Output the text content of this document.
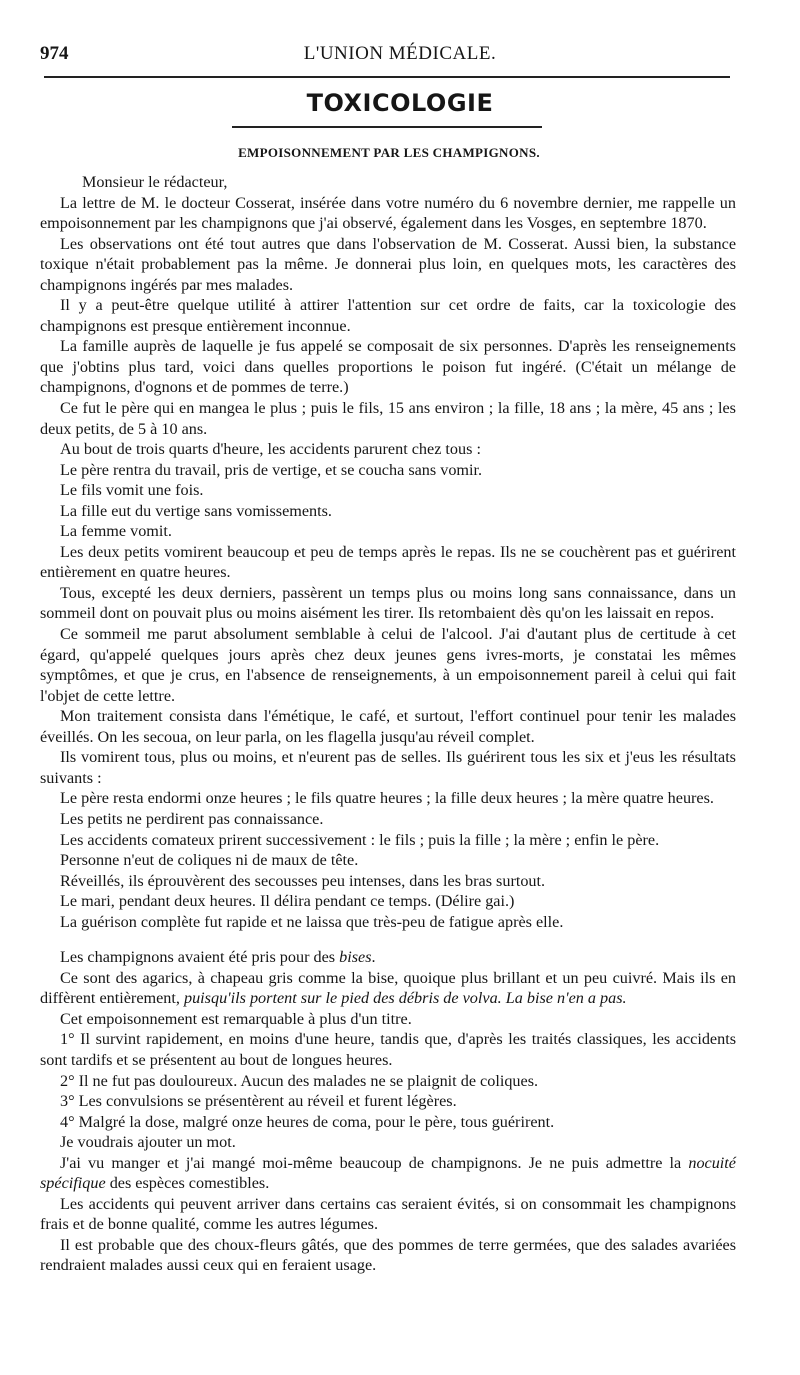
974	L'UNION MÉDICALE.
TOXICOLOGIE
EMPOISONNEMENT PAR LES CHAMPIGNONS.

Monsieur le rédacteur,

La lettre de M. le docteur Cosserat, insérée dans votre numéro du 6 novembre dernier, me rappelle un empoisonnement par les champignons que j'ai observé, également dans les Vosges, en septembre 1870.

Les observations ont été tout autres que dans l'observation de M. Cosserat. Aussi bien, la substance toxique n'était probablement pas la même. Je donnerai plus loin, en quelques mots, les caractères des champignons ingérés par mes malades.

Il y a peut-être quelque utilité à attirer l'attention sur cet ordre de faits, car la toxicologie des champignons est presque entièrement inconnue.

La famille auprès de laquelle je fus appelé se composait de six personnes. D'après les renseignements que j'obtins plus tard, voici dans quelles proportions le poison fut ingéré. (C'était un mélange de champignons, d'ognons et de pommes de terre.)

Ce fut le père qui en mangea le plus ; puis le fils, 15 ans environ ; la fille, 18 ans ; la mère, 45 ans ; les deux petits, de 5 à 10 ans.

Au bout de trois quarts d'heure, les accidents parurent chez tous :

Le père rentra du travail, pris de vertige, et se coucha sans vomir.

Le fils vomit une fois.

La fille eut du vertige sans vomissements.

La femme vomit.

Les deux petits vomirent beaucoup et peu de temps après le repas. Ils ne se couchèrent pas et guérirent entièrement en quatre heures.

Tous, excepté les deux derniers, passèrent un temps plus ou moins long sans connaissance, dans un sommeil dont on pouvait plus ou moins aisément les tirer. Ils retombaient dès qu'on les laissait en repos.

Ce sommeil me parut absolument semblable à celui de l'alcool. J'ai d'autant plus de certitude à cet égard, qu'appelé quelques jours après chez deux jeunes gens ivres-morts, je constatai les mêmes symptômes, et que je crus, en l'absence de renseignements, à un empoisonnement pareil à celui qui fait l'objet de cette lettre.

Mon traitement consista dans l'émétique, le café, et surtout, l'effort continuel pour tenir les malades éveillés. On les secoua, on leur parla, on les flagella jusqu'au réveil complet.

Ils vomirent tous, plus ou moins, et n'eurent pas de selles. Ils guérirent tous les six et j'eus les résultats suivants :

Le père resta endormi onze heures ; le fils quatre heures ; la fille deux heures ; la mère quatre heures.

Les petits ne perdirent pas connaissance.

Les accidents comateux prirent successivement : le fils ; puis la fille ; la mère ; enfin le père.

Personne n'eut de coliques ni de maux de tête.

Réveillés, ils éprouvèrent des secousses peu intenses, dans les bras surtout.

Le mari, pendant deux heures. Il délira pendant ce temps. (Délire gai.)

La guérison complète fut rapide et ne laissa que très-peu de fatigue après elle.

Les champignons avaient été pris pour des bises.

Ce sont des agarics, à chapeau gris comme la bise, quoique plus brillant et un peu cuivré. Mais ils en diffèrent entièrement, puisqu'ils portent sur le pied des débris de volva. La bise n'en a pas.

Cet empoisonnement est remarquable à plus d'un titre.

1° Il survint rapidement, en moins d'une heure, tandis que, d'après les traités classiques, les accidents sont tardifs et se présentent au bout de longues heures.

2° Il ne fut pas douloureux. Aucun des malades ne se plaignit de coliques.

3° Les convulsions se présentèrent au réveil et furent légères.

4° Malgré la dose, malgré onze heures de coma, pour le père, tous guérirent.

Je voudrais ajouter un mot.

J'ai vu manger et j'ai mangé moi-même beaucoup de champignons. Je ne puis admettre la nocuité spécifique des espèces comestibles.

Les accidents qui peuvent arriver dans certains cas seraient évités, si on consommait les champignons frais et de bonne qualité, comme les autres légumes.

Il est probable que des choux-fleurs gâtés, que des pommes de terre germées, que des salades avariées rendraient malades aussi ceux qui en feraient usage.
